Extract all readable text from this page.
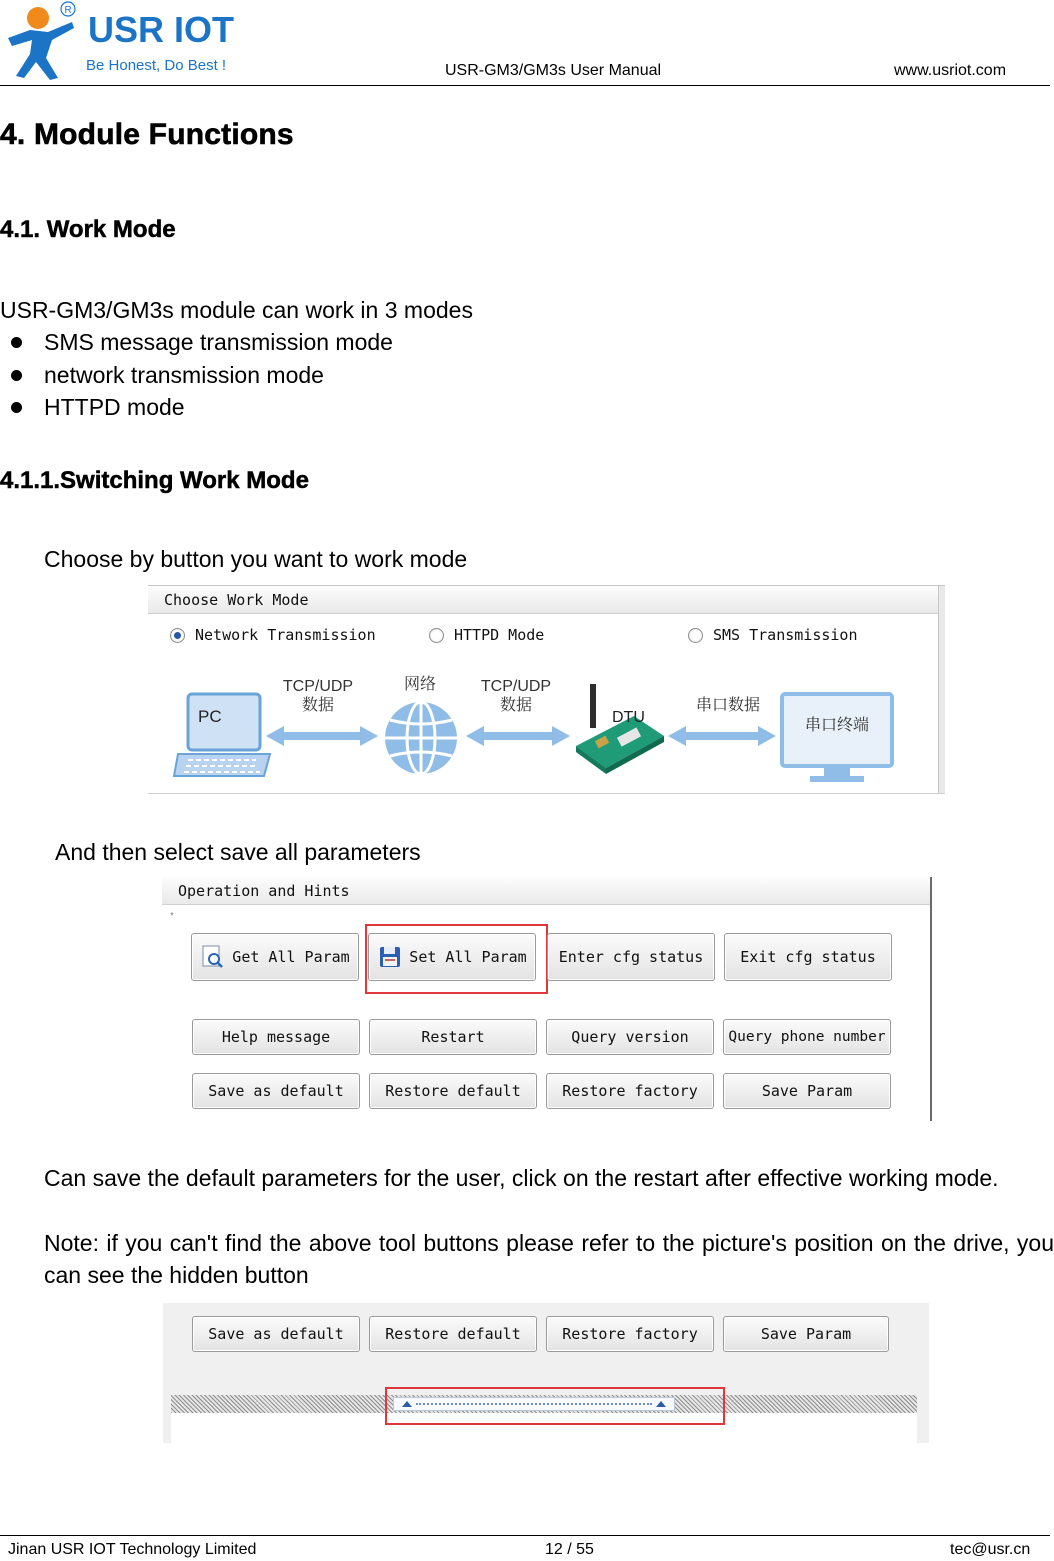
USR IOT
Be Honest, Do Best !
R
USR-GM3/GM3s User Manual	www.usriot.com
4. Module Functions
4.1. Work Mode
USR-GM3/GM3s module can work in 3 modes
SMS message transmission mode
network transmission mode
HTTPD mode
4.1.1.Switching Work Mode
Choose by button you want to work mode
Choose Work Mode
Network Transmission	HTTPD Mode	SMS Transmission
PC
TCP/UDP
数据
网络	TCP/UDP
数据
DTU
串口数据
串口终端
And then select save all parameters
Operation and Hints
*
Get All Param	Set All Param Enter cfg status Exit cfg status
Help message	Restart	Query version	Query phone number
Save as default	Restore default	Restore factory	Save Param
Can save the default parameters for the user, click on the restart after effective working mode.
Note: if you can't find the above tool buttons please refer to the picture's position on the drive, you can see the hidden button
Save as default	Restore default	Restore factory	Save Param
Jinan USR IOT Technology Limited	12 / 55	tec@usr.cn
